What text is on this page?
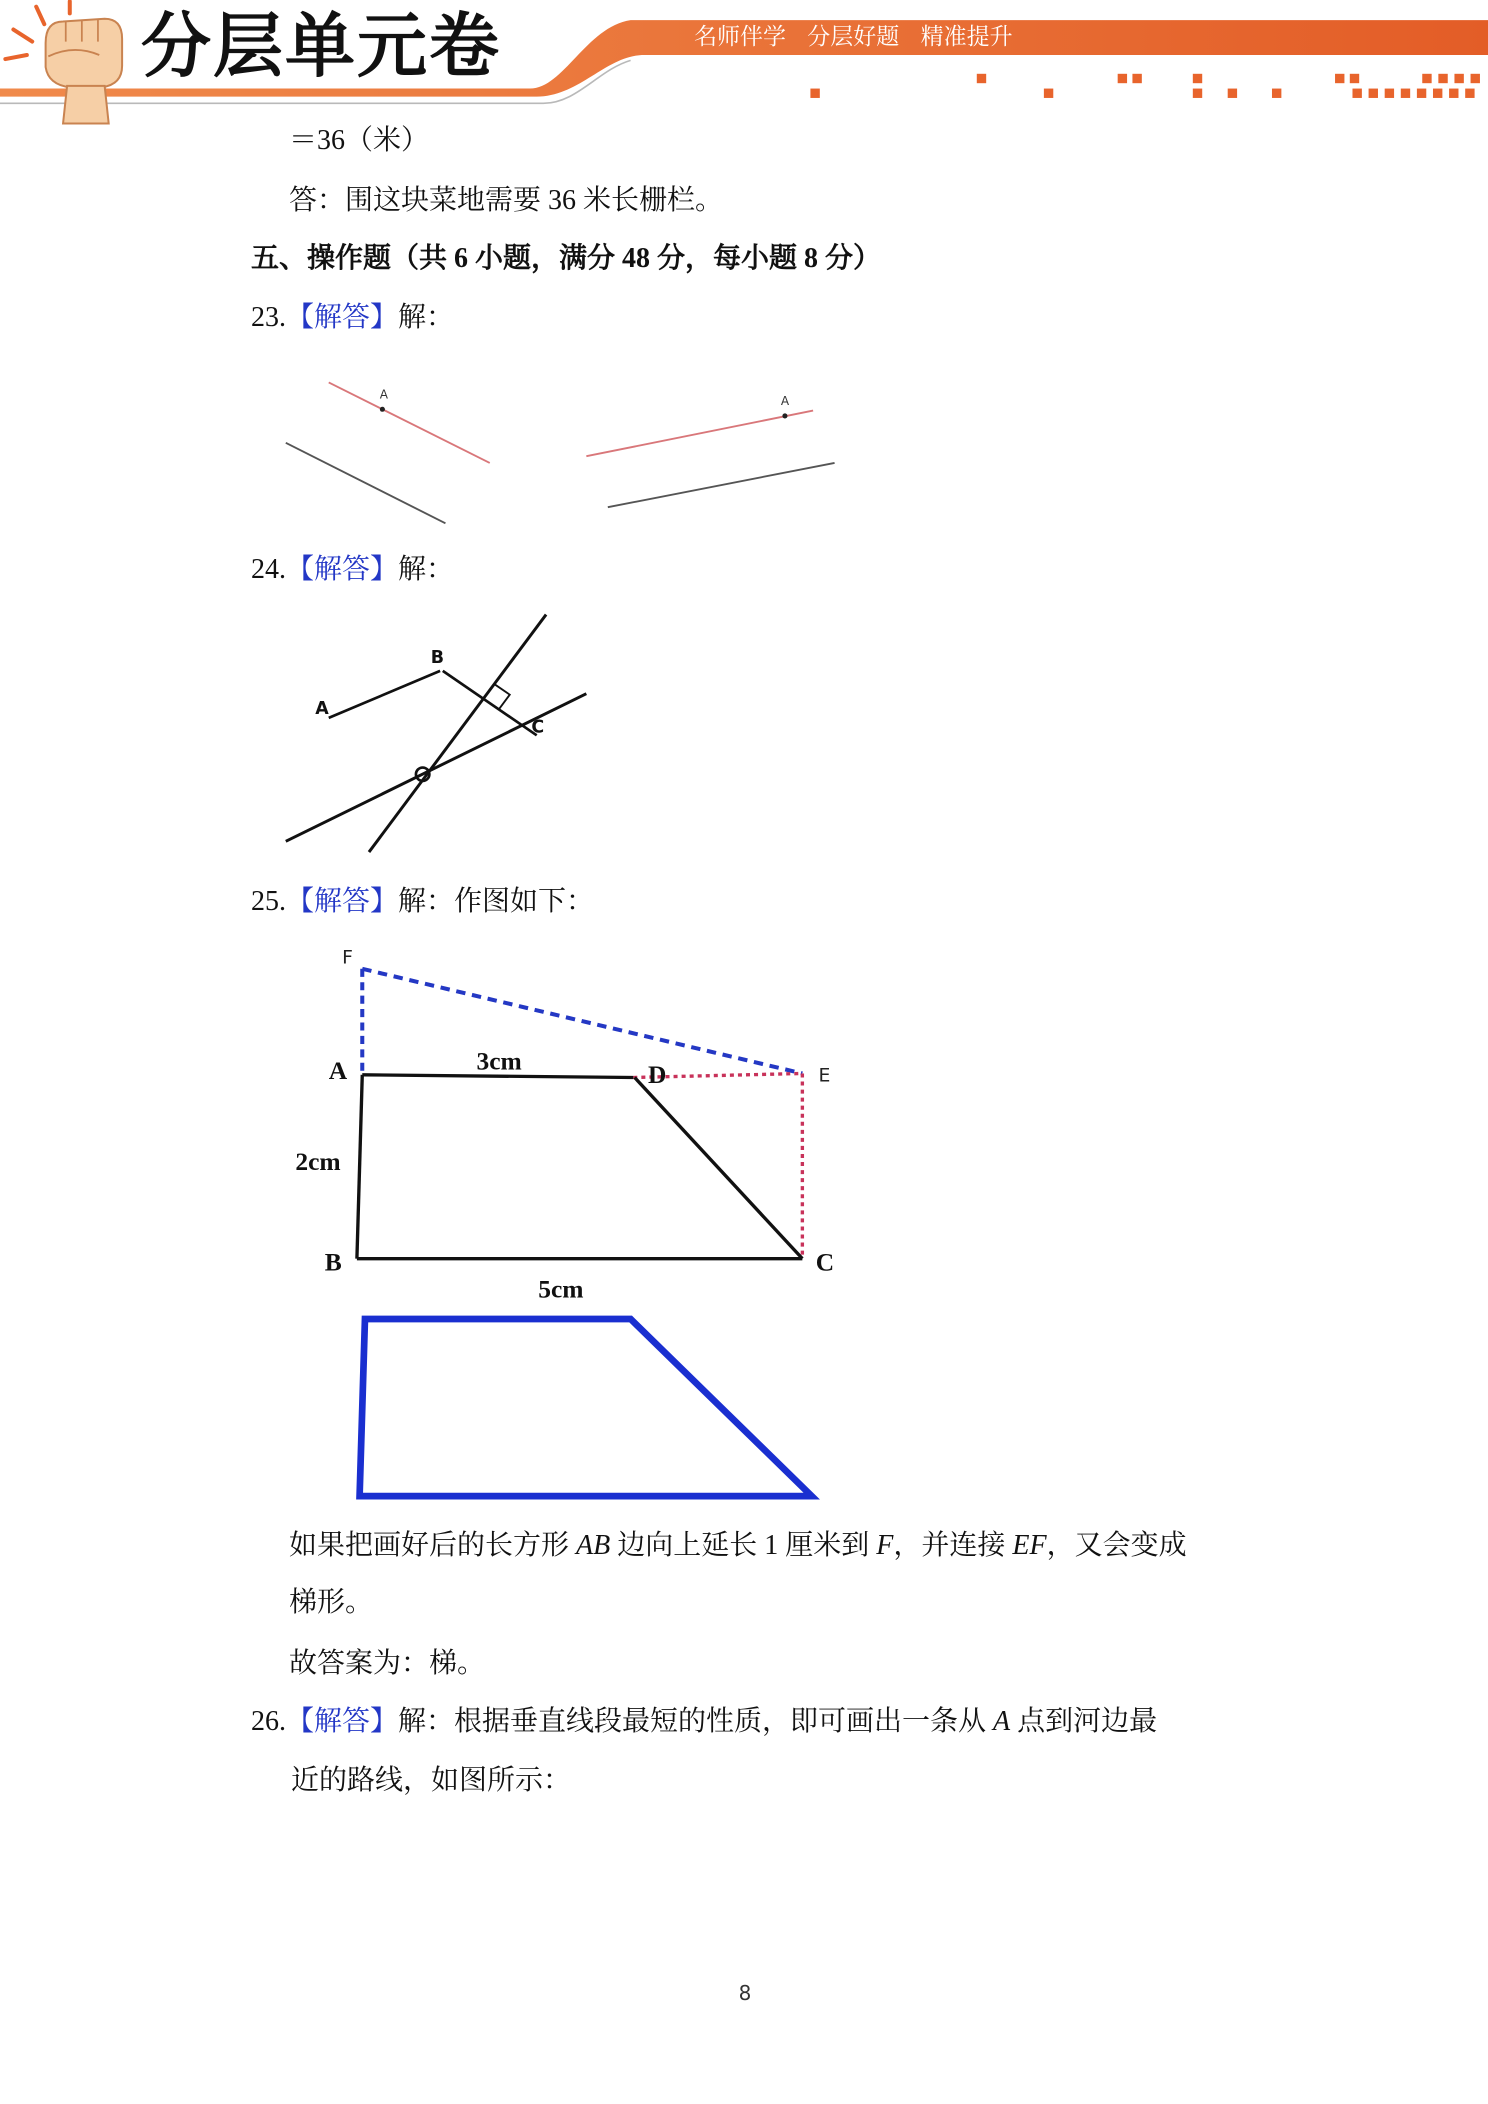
A	A
A
B
C
F
A	3cm	D	E
2cm
B
5cm
C
分层单元卷	名师伴学 分层好题 精准提升
＝36（米）
答：围这块菜地需要 36 米长栅栏。
五、操作题（共 6 小题，满分 48 分，每小题 8 分）
23.【解答】解：
24.【解答】解：
25.【解答】解：作图如下：
如果把画好后的长方形 AB 边向上延长 1 厘米到 F，并连接 EF，又会变成
梯形。
故答案为：梯。
26.【解答】解：根据垂直线段最短的性质，即可画出一条从 A 点到河边最
近的路线，如图所示：
8
